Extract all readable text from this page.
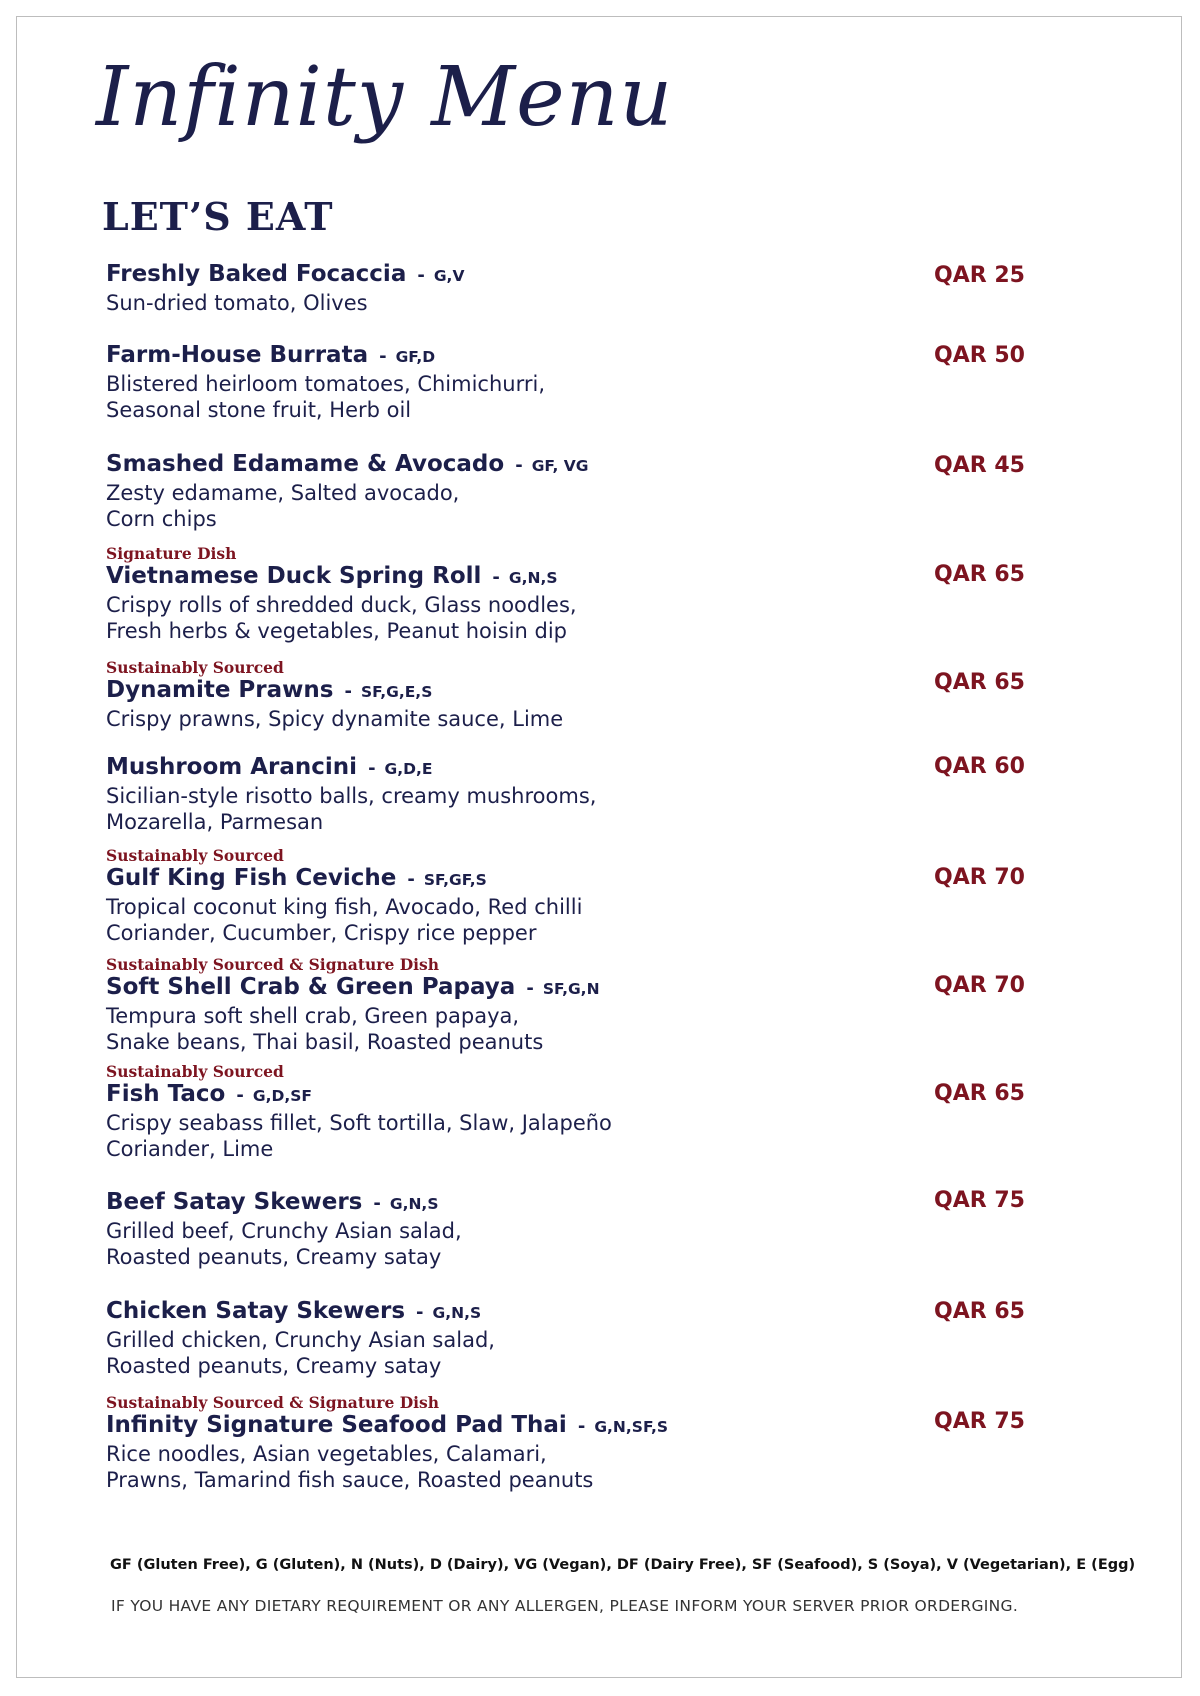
Infinity Menu
LET’S EAT
Freshly Baked Focaccia - G,V
Sun-dried tomato, Olives
QAR 25
Farm-House Burrata - GF,D
Blistered heirloom tomatoes, Chimichurri,
Seasonal stone fruit, Herb oil
QAR 50
Smashed Edamame & Avocado - GF, VG
Zesty edamame, Salted avocado,
Corn chips
QAR 45
Signature Dish
Vietnamese Duck Spring Roll - G,N,S
Crispy rolls of shredded duck, Glass noodles,
Fresh herbs & vegetables, Peanut hoisin dip
QAR 65
Sustainably Sourced
Dynamite Prawns - SF,G,E,S
Crispy prawns, Spicy dynamite sauce, Lime
QAR 65
Mushroom Arancini - G,D,E
Sicilian-style risotto balls, creamy mushrooms,
Mozarella, Parmesan
QAR 60
Sustainably Sourced
Gulf King Fish Ceviche - SF,GF,S
Tropical coconut king fish, Avocado, Red chilli
Coriander, Cucumber, Crispy rice pepper
QAR 70
Sustainably Sourced & Signature Dish
Soft Shell Crab & Green Papaya - SF,G,N
Tempura soft shell crab, Green papaya,
Snake beans, Thai basil, Roasted peanuts
QAR 70
Sustainably Sourced
Fish Taco - G,D,SF
Crispy seabass fillet, Soft tortilla, Slaw, Jalapeño
Coriander, Lime
QAR 65
Beef Satay Skewers - G,N,S
Grilled beef, Crunchy Asian salad,
Roasted peanuts, Creamy satay
QAR 75
Chicken Satay Skewers - G,N,S
Grilled chicken, Crunchy Asian salad,
Roasted peanuts, Creamy satay
QAR 65
Sustainably Sourced & Signature Dish
Infinity Signature Seafood Pad Thai - G,N,SF,S
Rice noodles, Asian vegetables, Calamari,
Prawns, Tamarind fish sauce, Roasted peanuts
QAR 75
GF (Gluten Free), G (Gluten), N (Nuts), D (Dairy), VG (Vegan), DF (Dairy Free), SF (Seafood), S (Soya), V (Vegetarian), E (Egg)
IF YOU HAVE ANY DIETARY REQUIREMENT OR ANY ALLERGEN, PLEASE INFORM YOUR SERVER PRIOR ORDERGING.
